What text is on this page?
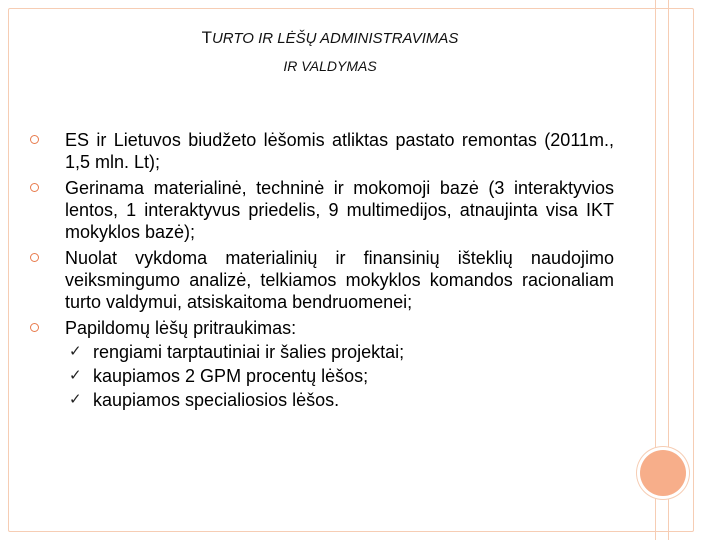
TURTO IR LĖŠŲ ADMINISTRAVIMAS
IR VALDYMAS
ES ir Lietuvos biudžeto lėšomis atliktas pastato remontas (2011m., 1,5 mln. Lt);
Gerinama materialinė, techninė ir mokomoji bazė (3 interaktyvios lentos, 1 interaktyvus priedelis, 9 multimedijos, atnaujinta visa IKT mokyklos bazė);
Nuolat vykdoma materialinių ir finansinių išteklių naudojimo veiksmingumo analizė, telkiamos mokyklos komandos racionaliam turto valdymui, atsiskaitoma bendruomenei;
Papildomų lėšų pritraukimas:
✓ rengiami tarptautiniai ir šalies projektai;
✓ kaupiamos 2 GPM procentų lėšos;
✓ kaupiamos specialiosios lėšos.
